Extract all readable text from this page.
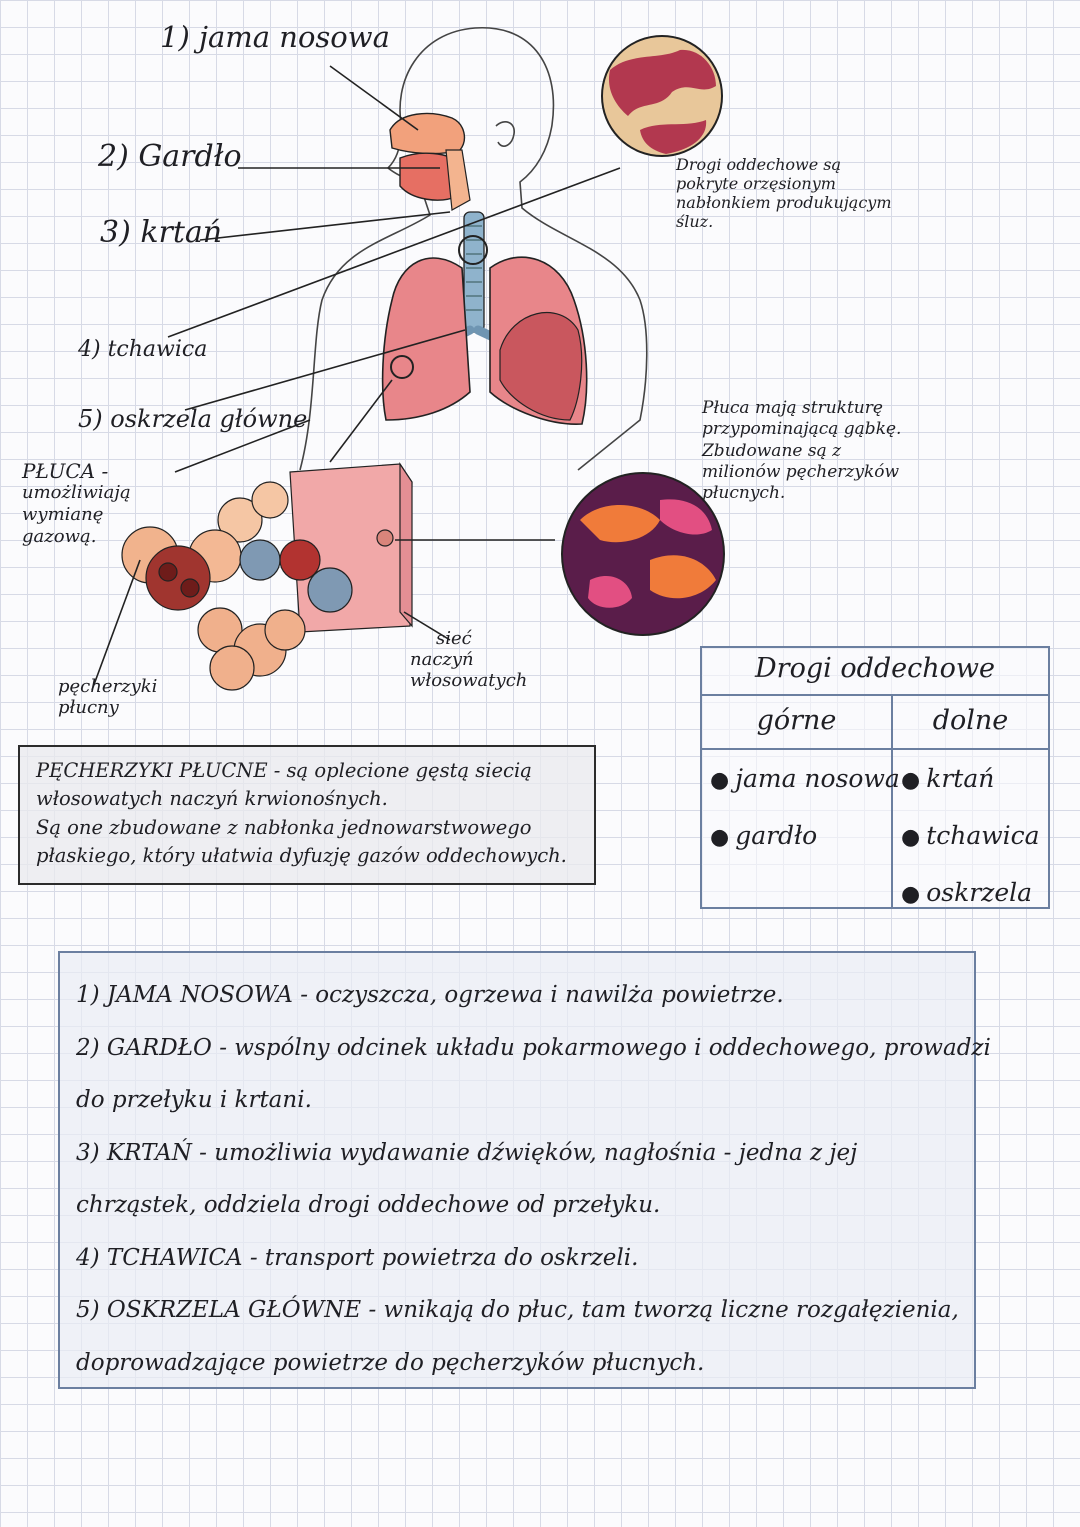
1) jama nosowa
2) Gardło
3) krtań
4) tchawica
5) oskrzela główne
PŁUCA -
umożliwiają
wymianę
gazową.
pęcherzyki
płucny
sieć
naczyń
włosowatych
Drogi oddechowe są pokryte orzęsionym nabłonkiem produkującym śluz.
Płuca mają strukturę przypominającą gąbkę. Zbudowane są z milionów pęcherzyków płucnych.
PĘCHERZYKI PŁUCNE - są oplecione gęstą siecią
włosowatych naczyń krwionośnych.
Są one zbudowane z nabłonka jednowarstwowego
płaskiego, który ułatwia dyfuzję gazów oddechowych.
Drogi oddechowe
górne
● jama nosowa
● gardło
dolne
● krtań
● tchawica
● oskrzela
1) JAMA NOSOWA - oczyszcza, ogrzewa i nawilża powietrze.
2) GARDŁO - wspólny odcinek układu pokarmowego i oddechowego, prowadzi
do przełyku i krtani.
3) KRTAŃ - umożliwia wydawanie dźwięków, nagłośnia - jedna z jej
chrząstek, oddziela drogi oddechowe od przełyku.
4) TCHAWICA - transport powietrza do oskrzeli.
5) OSKRZELA GŁÓWNE - wnikają do płuc, tam tworzą liczne rozgałęzienia,
doprowadzające powietrze do pęcherzyków płucnych.
